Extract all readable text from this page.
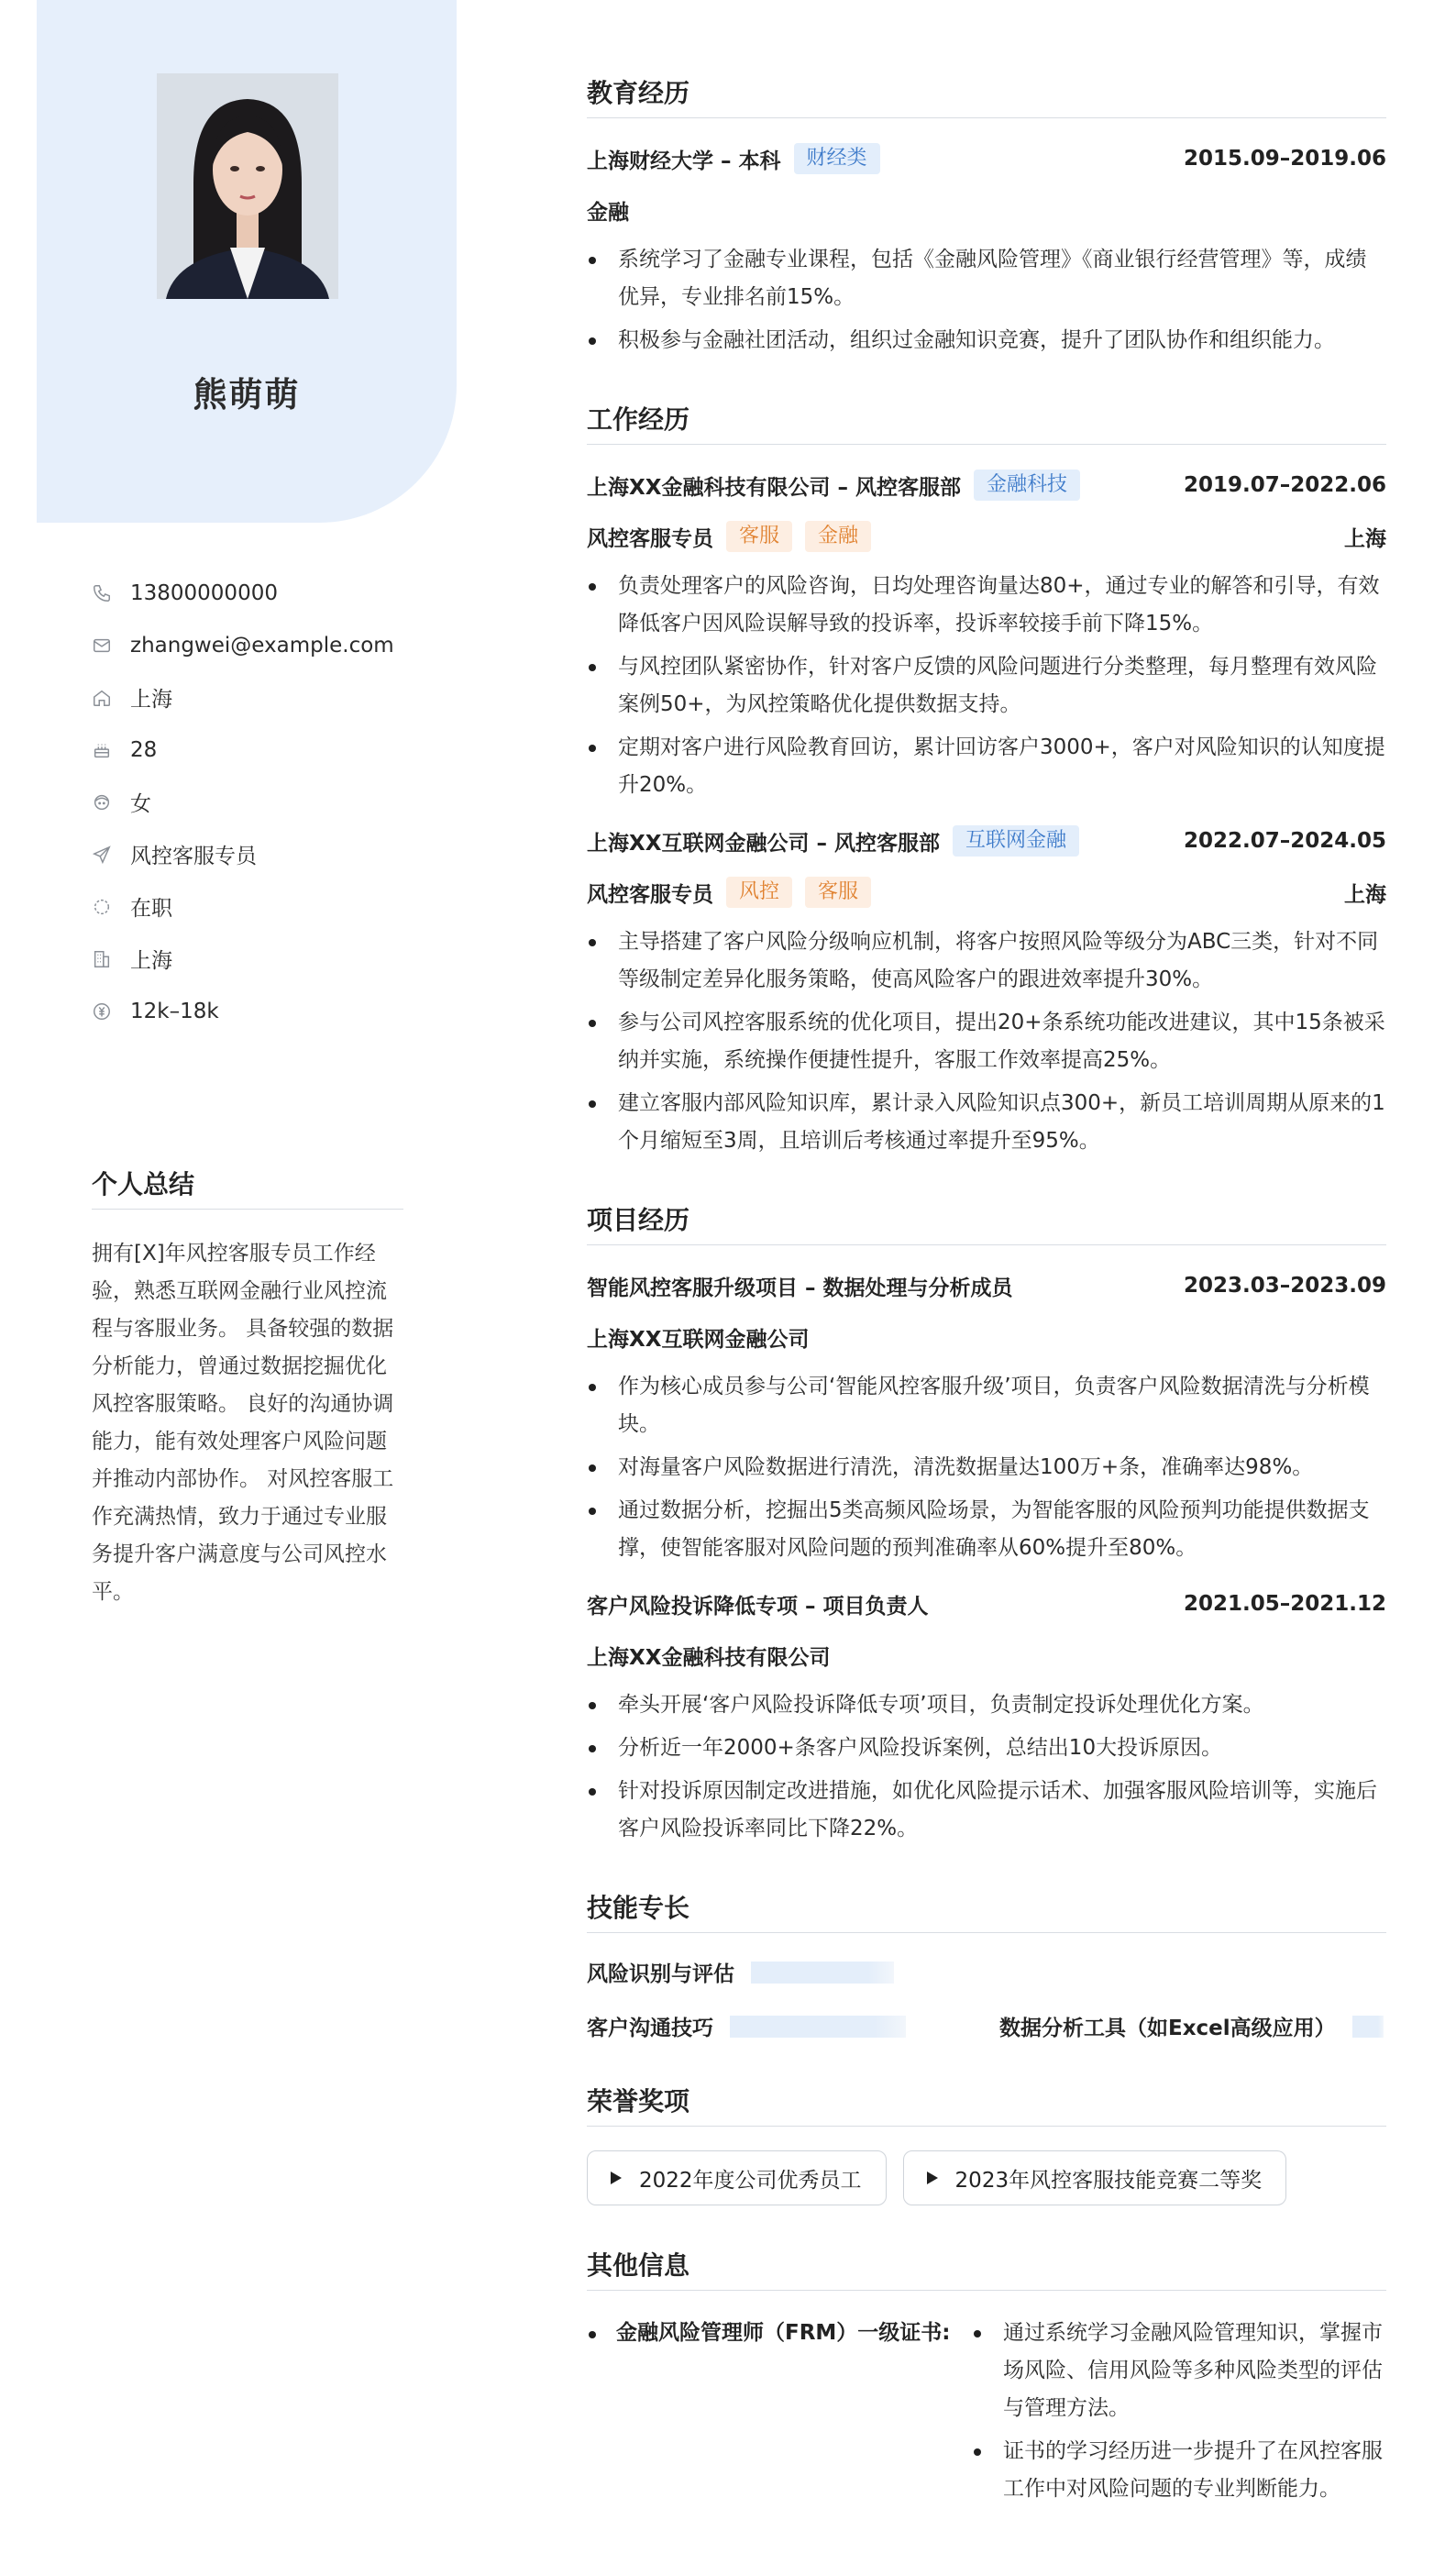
熊萌萌
13800000000
zhangwei@example.com
上海
28
女
风控客服专员
在职
上海
12k–18k
个人总结
拥有[X]年风控客服专员工作经验，熟悉互联网金融行业风控流程与客服业务。 具备较强的数据分析能力，曾通过数据挖掘优化风控客服策略。 良好的沟通协调能力，能有效处理客户风险问题并推动内部协作。 对风控客服工作充满热情，致力于通过专业服务提升客户满意度与公司风控水平。
教育经历
上海财经大学 – 本科	财经类	2015.09–2019.06
金融
系统学习了金融专业课程，包括《金融风险管理》《商业银行经营管理》等，成绩优异，专业排名前15%。
积极参与金融社团活动，组织过金融知识竞赛，提升了团队协作和组织能力。
工作经历
上海XX金融科技有限公司 – 风控客服部	金融科技	2019.07–2022.06
风控客服专员	客服	金融	上海
负责处理客户的风险咨询，日均处理咨询量达80+，通过专业的解答和引导，有效降低客户因风险误解导致的投诉率，投诉率较接手前下降15%。
与风控团队紧密协作，针对客户反馈的风险问题进行分类整理，每月整理有效风险案例50+，为风控策略优化提供数据支持。
定期对客户进行风险教育回访，累计回访客户3000+，客户对风险知识的认知度提升20%。
上海XX互联网金融公司 – 风控客服部	互联网金融	2022.07–2024.05
风控客服专员	风控	客服	上海
主导搭建了客户风险分级响应机制，将客户按照风险等级分为ABC三类，针对不同等级制定差异化服务策略，使高风险客户的跟进效率提升30%。
参与公司风控客服系统的优化项目，提出20+条系统功能改进建议，其中15条被采纳并实施，系统操作便捷性提升，客服工作效率提高25%。
建立客服内部风险知识库，累计录入风险知识点300+，新员工培训周期从原来的1个月缩短至3周，且培训后考核通过率提升至95%。
项目经历
智能风控客服升级项目 – 数据处理与分析成员	2023.03–2023.09
上海XX互联网金融公司
作为核心成员参与公司‘智能风控客服升级’项目，负责客户风险数据清洗与分析模块。
对海量客户风险数据进行清洗，清洗数据量达100万+条，准确率达98%。
通过数据分析，挖掘出5类高频风险场景，为智能客服的风险预判功能提供数据支撑，使智能客服对风险问题的预判准确率从60%提升至80%。
客户风险投诉降低专项 – 项目负责人	2021.05–2021.12
上海XX金融科技有限公司
牵头开展‘客户风险投诉降低专项’项目，负责制定投诉处理优化方案。
分析近一年2000+条客户风险投诉案例，总结出10大投诉原因。
针对投诉原因制定改进措施，如优化风险提示话术、加强客服风险培训等，实施后客户风险投诉率同比下降22%。
技能专长
风险识别与评估
客户沟通技巧	数据分析工具（如Excel高级应用）
荣誉奖项
2022年度公司优秀员工	2023年风控客服技能竞赛二等奖
其他信息
金融风险管理师（FRM）一级证书:	通过系统学习金融风险管理知识，掌握市场风险、信用风险等多种风险类型的评估与管理方法。
证书的学习经历进一步提升了在风控客服工作中对风险问题的专业判断能力。
